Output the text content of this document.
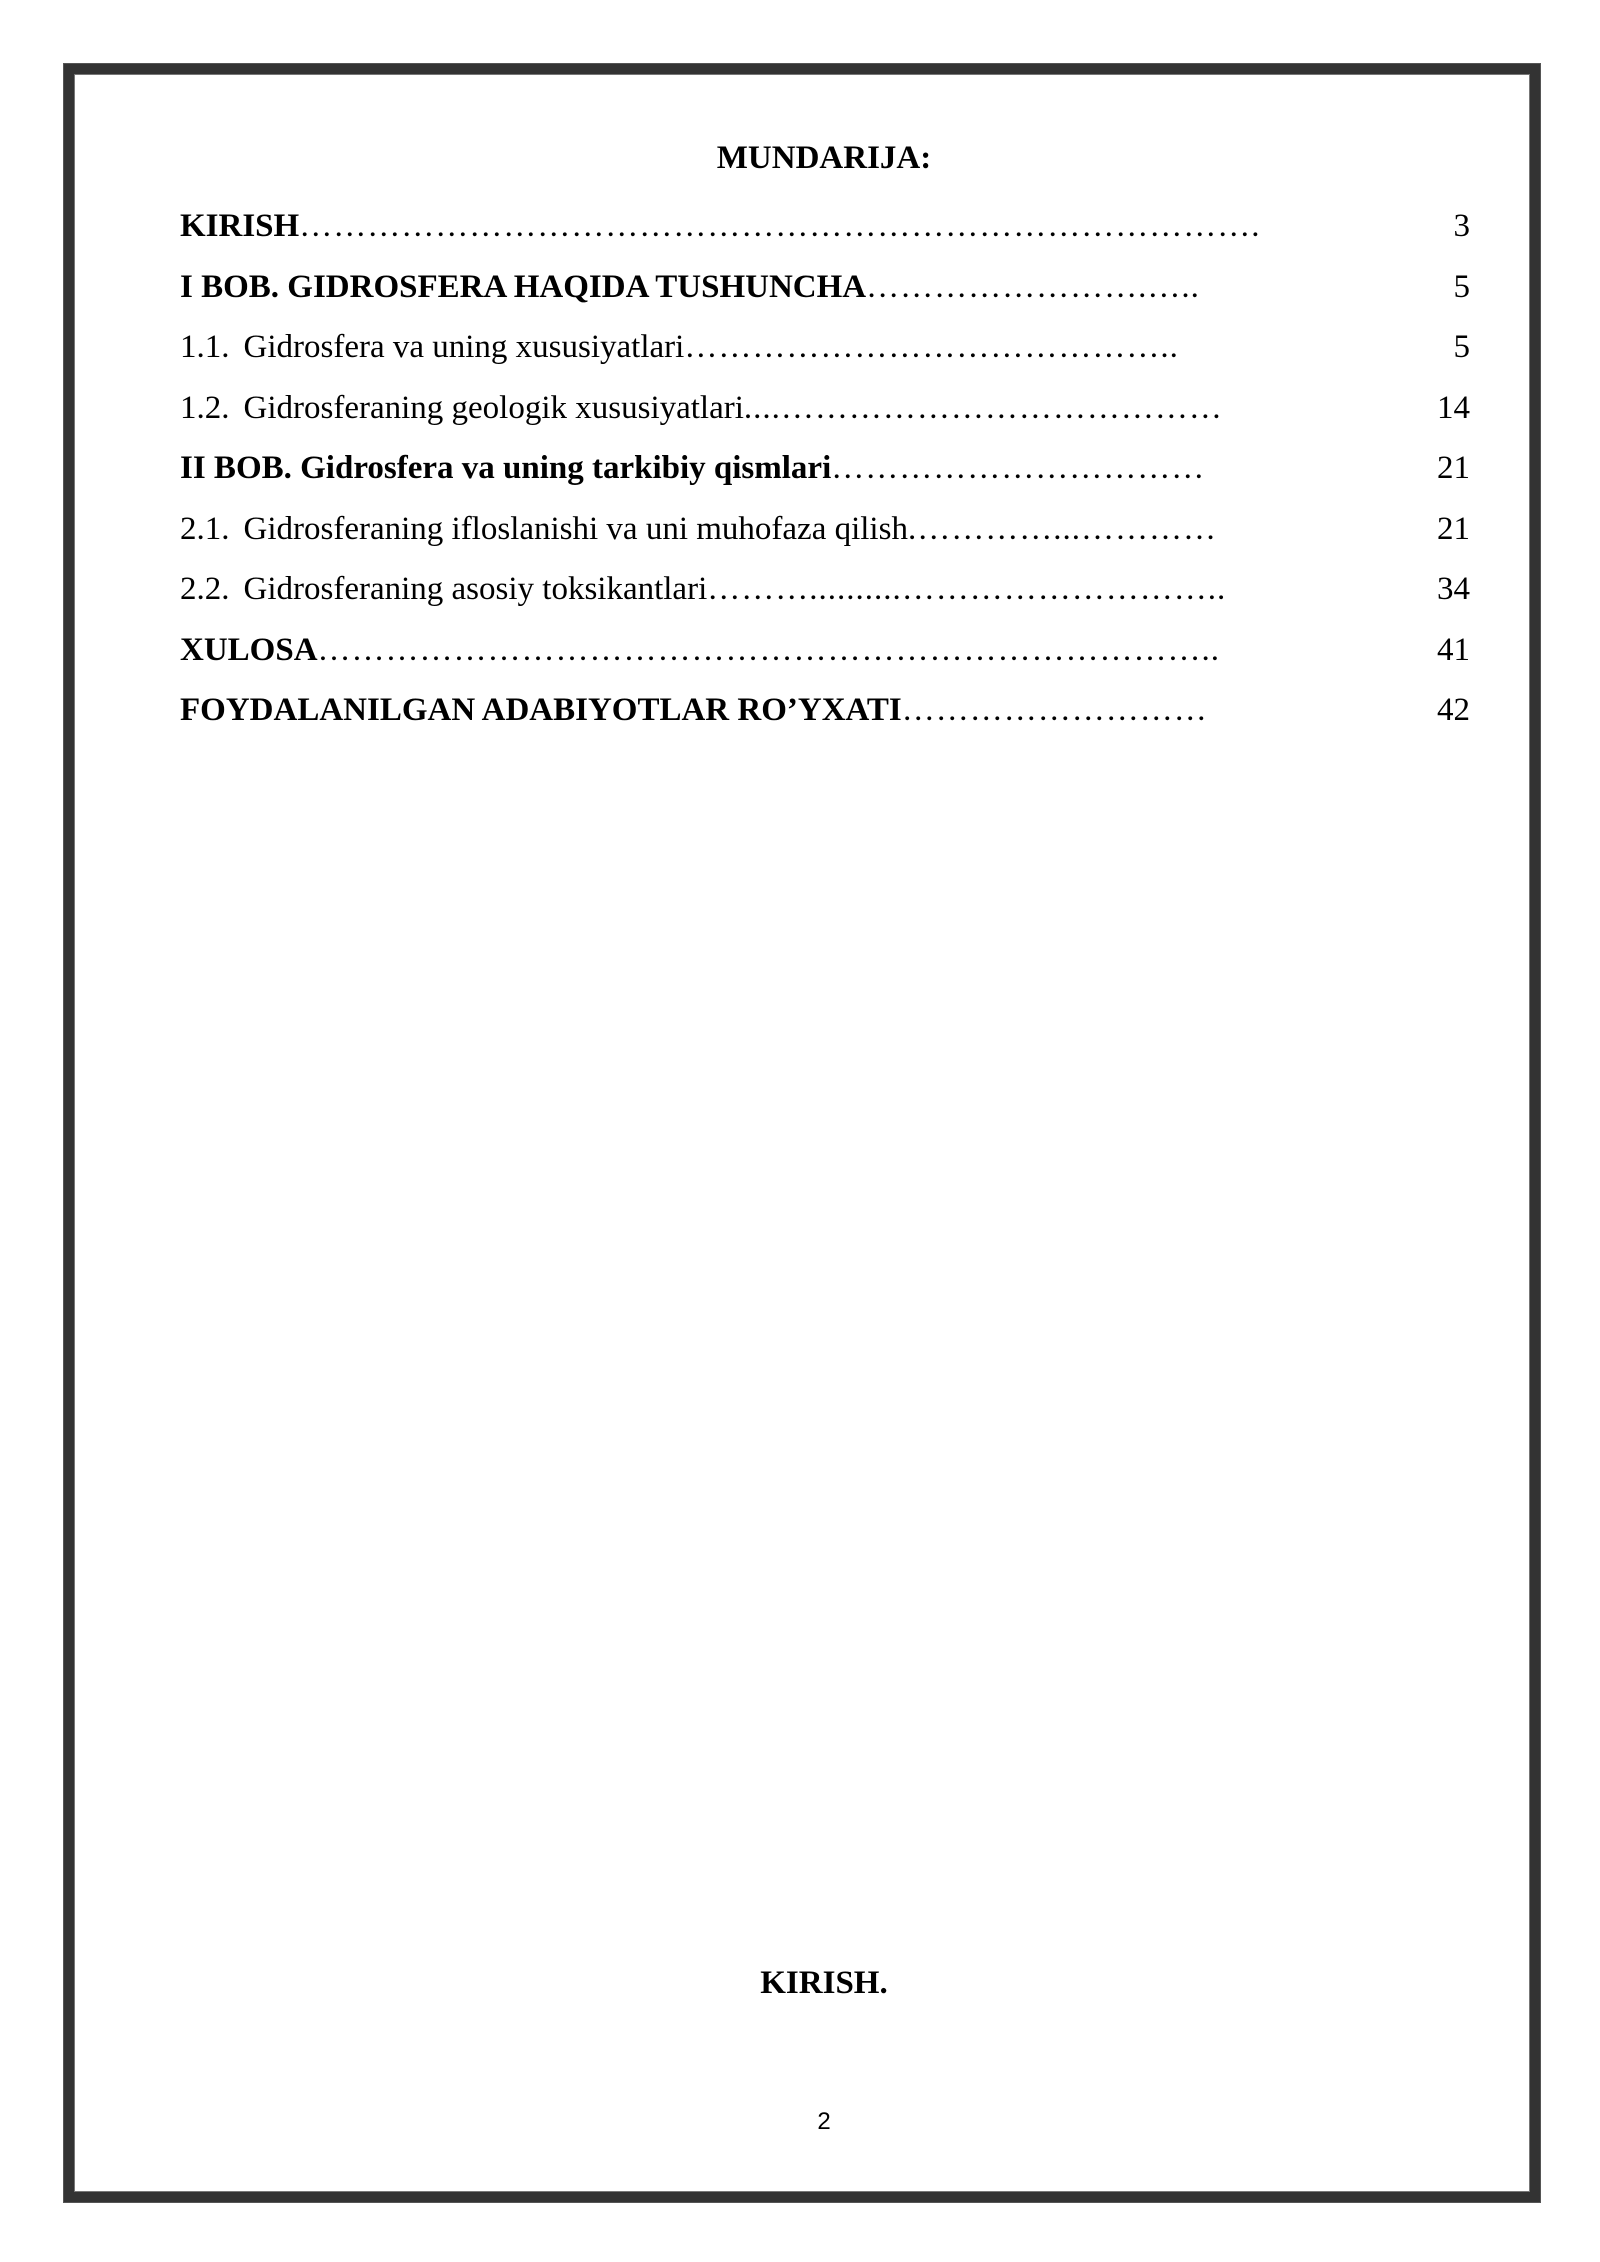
MUNDARIJA:
KIRISH ………………………………………………………………………….	3
I BOB. GIDROSFERA HAQIDA TUSHUNCHA …………………….…..	5
1.1. Gidrosfera va uning xususiyatlari ……………………………………..	5
1.2. Gidrosferaning geologik xususiyatlari ....…………………………………	14
II BOB. Gidrosfera va uning tarkibiy qismlari ……………………………	21
2.1. Gidrosferaning ifloslanishi va uni muhofaza qilish .…………...…………	21
2.2. Gidrosferaning asosiy toksikantlari ………..........………………………..	34
XULOSA ……………………………………………………………………..	41
FOYDALANILGAN ADABIYOTLAR RO’YXATI ………………………	42
KIRISH.
2
